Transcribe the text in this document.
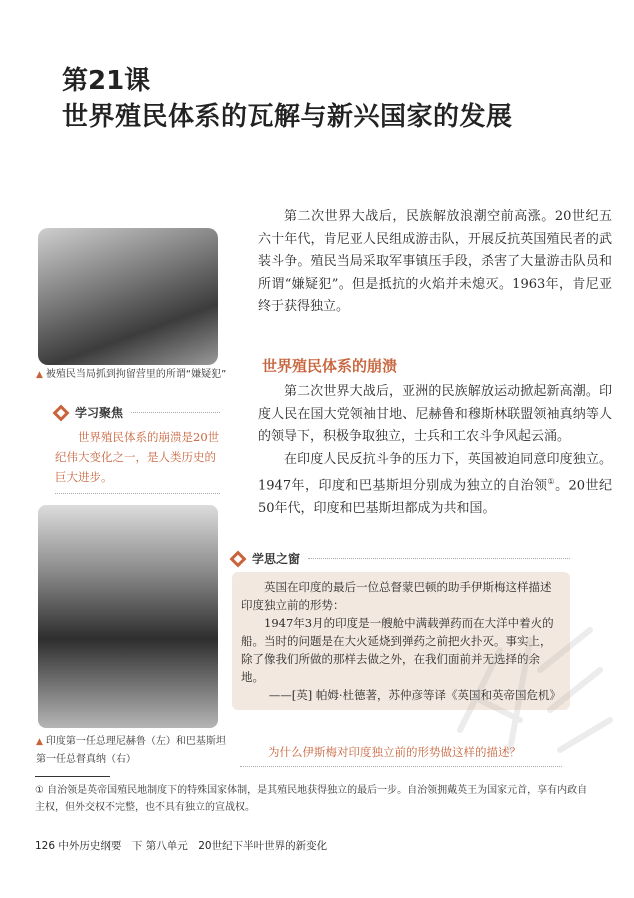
第21课
世界殖民体系的瓦解与新兴国家的发展
▲ 被殖民当局抓到拘留营里的所谓“嫌疑犯”

第二次世界大战后，民族解放浪潮空前高涨。20世纪五六十年代，肯尼亚人民组成游击队，开展反抗英国殖民者的武装斗争。殖民当局采取军事镇压手段，杀害了大量游击队员和所谓“嫌疑犯”。但是抵抗的火焰并未熄灭。1963年，肯尼亚终于获得独立。

学习聚焦
世界殖民体系的崩溃是20世纪伟大变化之一，是人类历史的巨大进步。
世界殖民体系的崩溃

第二次世界大战后，亚洲的民族解放运动掀起新高潮。印度人民在国大党领袖甘地、尼赫鲁和穆斯林联盟领袖真纳等人的领导下，积极争取独立，士兵和工农斗争风起云涌。

在印度人民反抗斗争的压力下，英国被迫同意印度独立。1947年，印度和巴基斯坦分别成为独立的自治领①。20世纪50年代，印度和巴基斯坦都成为共和国。

学思之窗

英国在印度的最后一位总督蒙巴顿的助手伊斯梅这样描述印度独立前的形势：

1947年3月的印度是一艘舱中满载弹药而在大洋中着火的船。当时的问题是在大火延烧到弹药之前把火扑灭。事实上，除了像我们所做的那样去做之外，在我们面前并无选择的余地。

——[英] 帕姆·杜德著，苏仲彦等译《英国和英帝国危机》

为什么伊斯梅对印度独立前的形势做这样的描述？
▲ 印度第一任总理尼赫鲁（左）和巴基斯坦第一任总督真纳（右）
① 自治领是英帝国殖民地制度下的特殊国家体制，是其殖民地获得独立的最后一步。自治领拥戴英王为国家元首，享有内政自主权，但外交权不完整，也不具有独立的宣战权。
126 中外历史纲要　下 第八单元　20世纪下半叶世界的新变化
